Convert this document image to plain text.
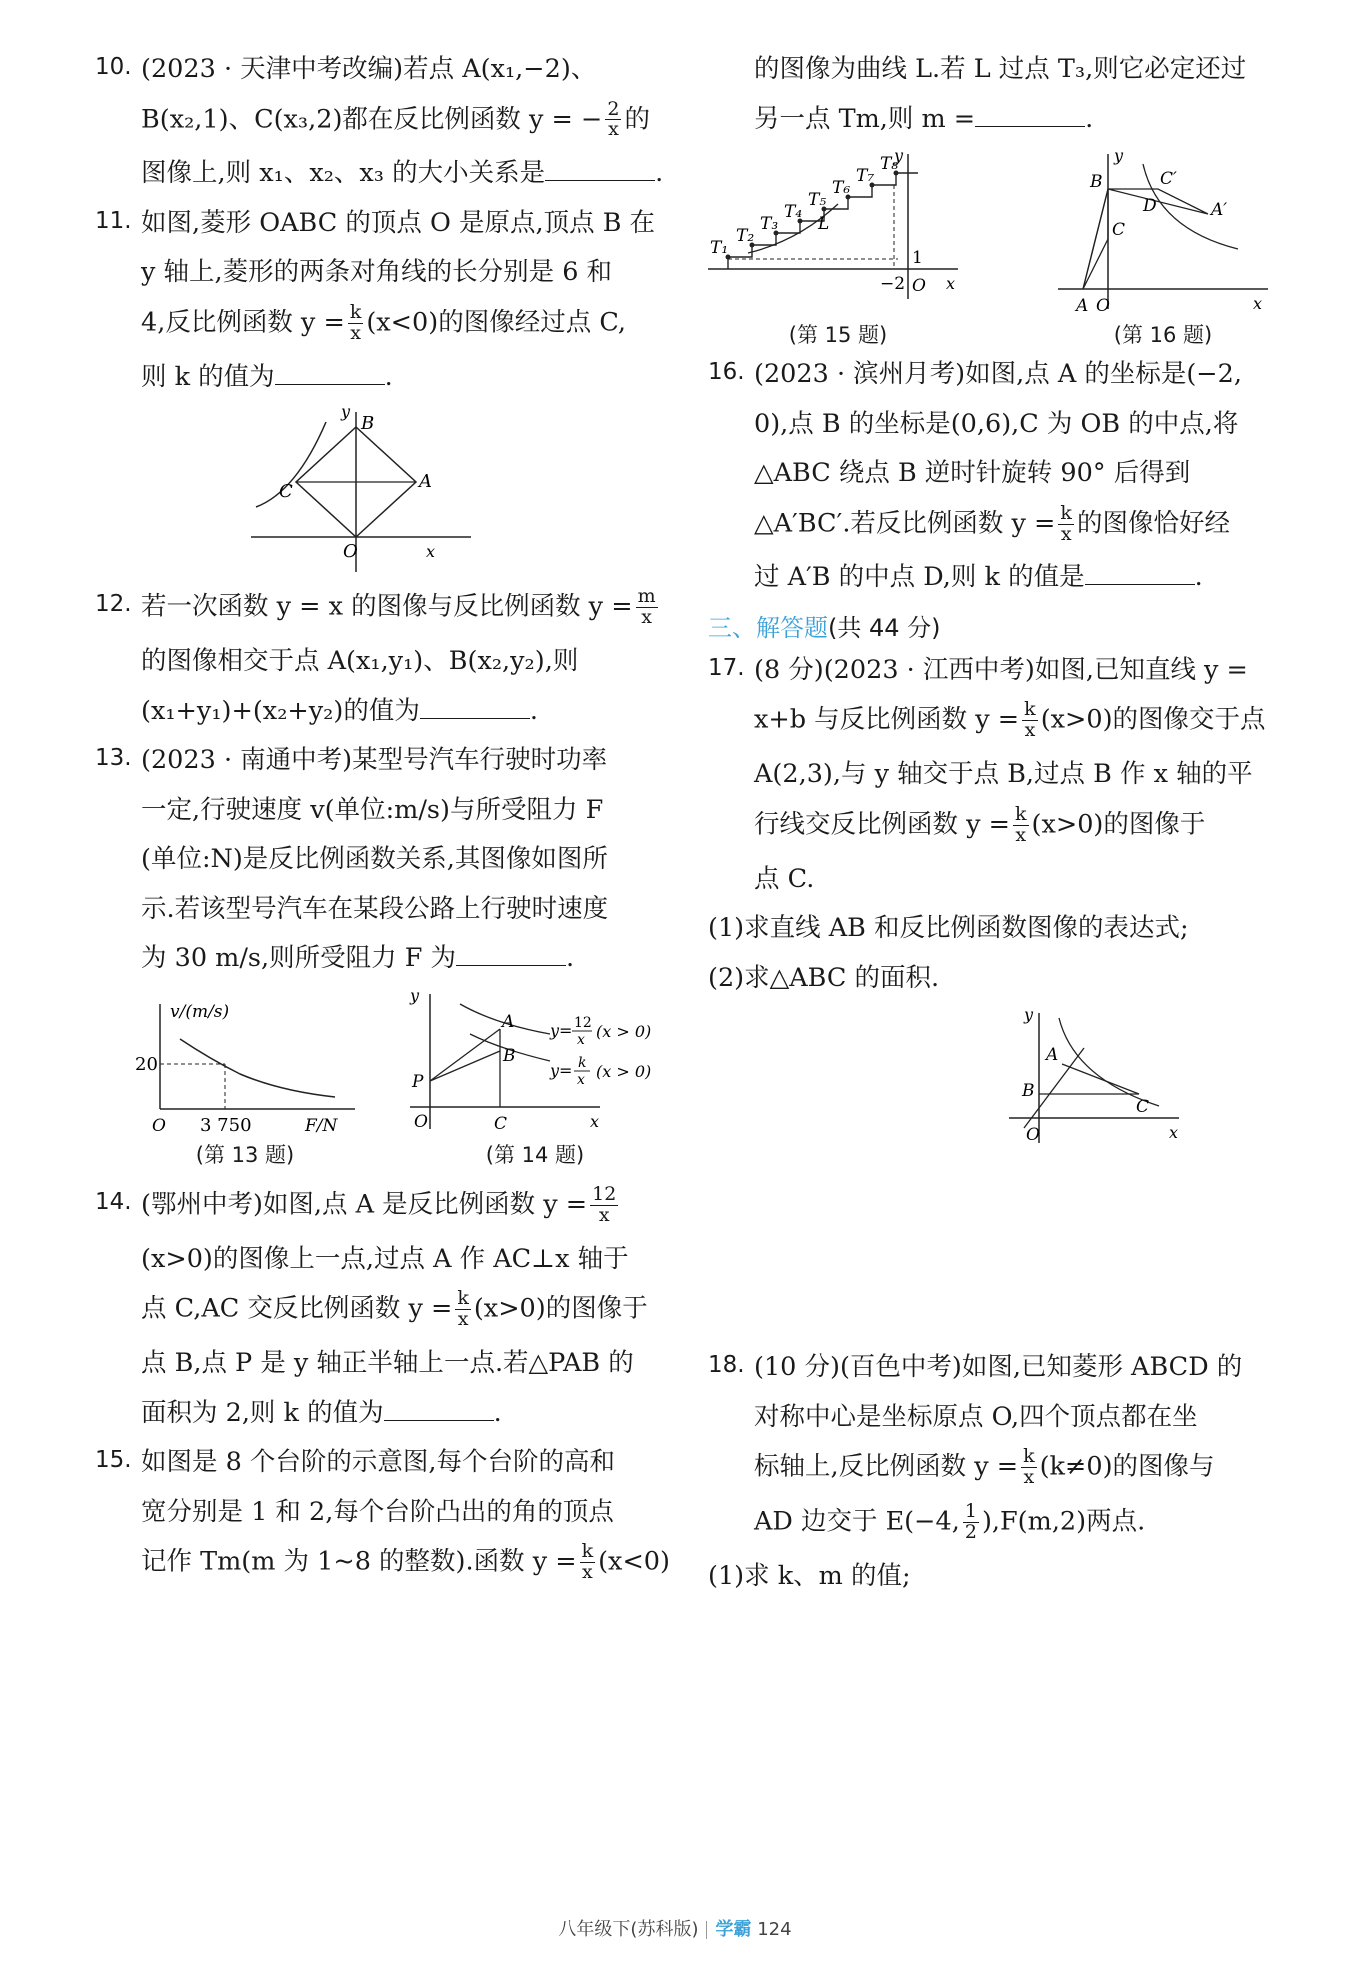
10. (2023 · 天津中考改编)若点 A(x₁,−2)、
B(x₂,1)、C(x₃,2)都在反比例函数 y = − $\frac{2}{x}$ 的
图像上,则 x₁、x₂、x₃ 的大小关系是	.
11. 如图,菱形 OABC 的顶点 O 是原点,顶点 B 在
y 轴上,菱形的两条对角线的长分别是 6 和
4,反比例函数 $y = \frac{k}{x} (x<0)$的图像经过点 C,
则 k 的值为	.
B
A
C
O	x
y
12. 若一次函数 y = x 的图像与反比例函数 $y = \frac{m}{x}$
的图像相交于点 A(x₁,y₁)、B(x₂,y₂),则
(x₁+y₁)+(x₂+y₂)的值为	.
13. (2023 · 南通中考)某型号汽车行驶时功率
一定,行驶速度 v(单位:m/s)与所受阻力 F
(单位:N)是反比例函数关系,其图像如图所
示.若该型号汽车在某段公路上行驶时速度
为 30 m/s,则所受阻力 F 为	.
v/(m/s)
20
3 750	F/N
O
(第 13 题)
y
A
B
P
O	C	x
y= 12
x (x > 0)
y= k
x (x > 0)
(第 14 题)
14. (鄂州中考)如图,点 A 是反比例函数 $y = \frac{12}{x}$
(x>0)的图像上一点,过点 A 作 AC⊥x 轴于
点 C,AC 交反比例函数 $y = \frac{k}{x} (x>0)$的图像于
点 B,点 P 是 y 轴正半轴上一点.若△PAB 的
面积为 2,则 k 的值为	.
15. 如图是 8 个台阶的示意图,每个台阶的高和
宽分别是 1 和 2,每个台阶凸出的角的顶点
记作 Tm(m 为 1~8 的整数).函数 $y = \frac{k}{x} (x<0)$
的图像为曲线 L.若 L 过点 T₃,则它必定还过
另一点 Tm,则 m =	.
T₁
T₂
T₃
T₄
T₅
T₆
T₇
T₈
L
−2
1
O x
y
(第 15 题)
B
C
C′
D	A′
A O	x
y
(第 16 题)
16. (2023 · 滨州月考)如图,点 A 的坐标是(−2,
0),点 B 的坐标是(0,6),C 为 OB 的中点,将
△ABC 绕点 B 逆时针旋转 90° 后得到
△A′BC′.若反比例函数 $y = \frac{k}{x}$ 的图像恰好经
过 A′B 的中点 D,则 k 的值是	.
三、解答题(共 44 分)
17. (8 分)(2023 · 江西中考)如图,已知直线 y =
x+b 与反比例函数 $y = \frac{k}{x} (x>0)$的图像交于点
A(2,3),与 y 轴交于点 B,过点 B 作 x 轴的平
行线交反比例函数 $y = \frac{k}{x} (x>0)$的图像于
点 C.
(1)求直线 AB 和反比例函数图像的表达式;
(2)求△ABC 的面积.
A
B
C
O	x
y
18. (10 分)(百色中考)如图,已知菱形 ABCD 的
对称中心是坐标原点 O,四个顶点都在坐
标轴上,反比例函数 $y = \frac{k}{x} (k\ne 0)$的图像与
AD 边交于 E(−4, $\frac{1}{2} ),F(m,2)$两点.
(1)求 k、m 的值;
八年级下(苏科版) 学霸 124
